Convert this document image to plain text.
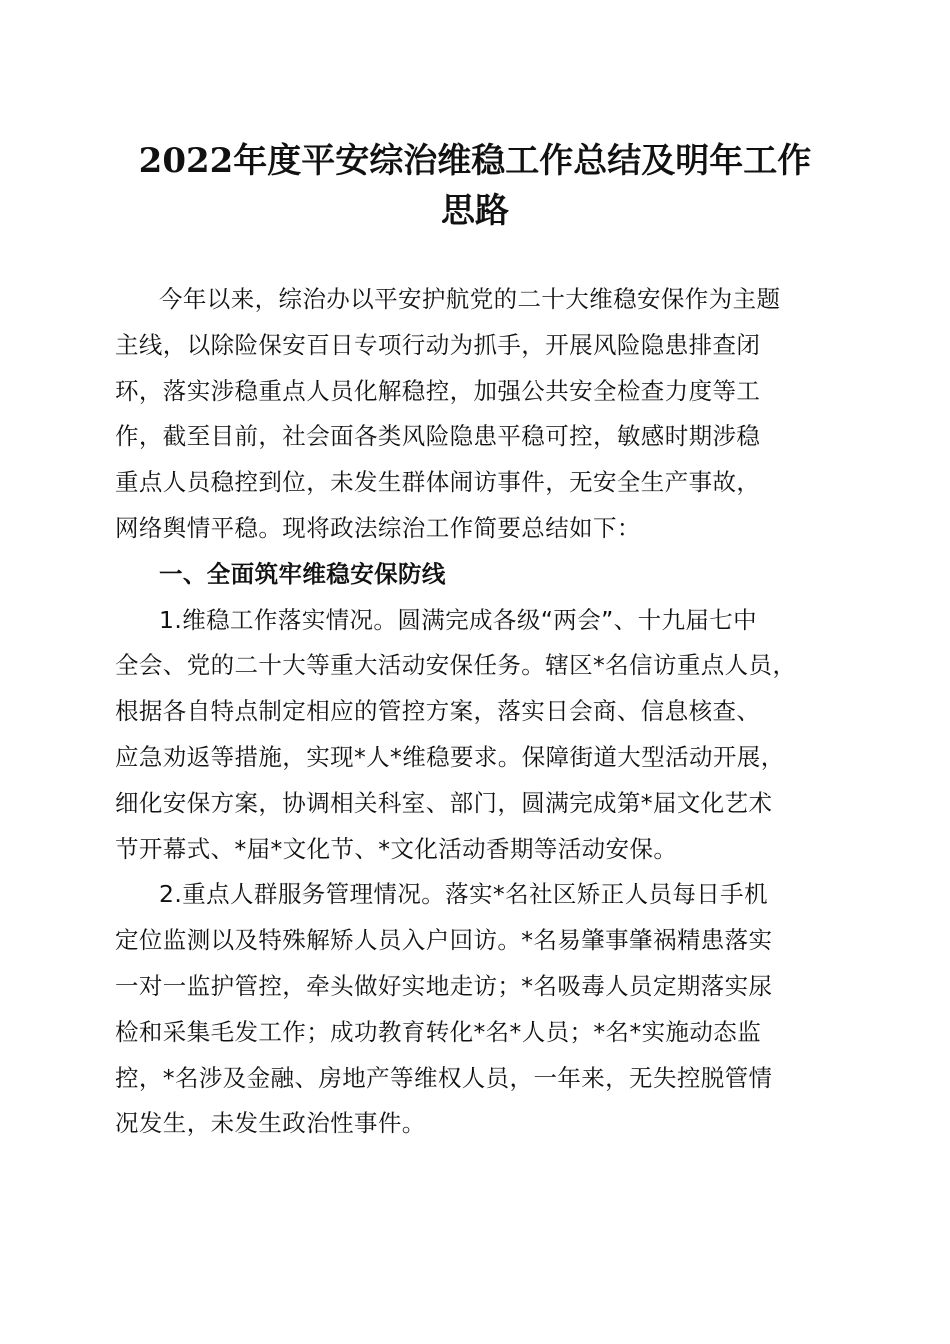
2022年度平安综治维稳工作总结及明年工作
思路
今年以来，综治办以平安护航党的二十大维稳安保作为主题
主线，以除险保安百日专项行动为抓手，开展风险隐患排查闭
环，落实涉稳重点人员化解稳控，加强公共安全检查力度等工
作，截至目前，社会面各类风险隐患平稳可控，敏感时期涉稳
重点人员稳控到位，未发生群体闹访事件，无安全生产事故，
网络舆情平稳。现将政法综治工作简要总结如下：
一、全面筑牢维稳安保防线
1.维稳工作落实情况。圆满完成各级“两会”、十九届七中
全会、党的二十大等重大活动安保任务。辖区*名信访重点人员，
根据各自特点制定相应的管控方案，落实日会商、信息核查、
应急劝返等措施，实现*人*维稳要求。保障街道大型活动开展，
细化安保方案，协调相关科室、部门，圆满完成第*届文化艺术
节开幕式、*届*文化节、*文化活动香期等活动安保。
2.重点人群服务管理情况。落实*名社区矫正人员每日手机
定位监测以及特殊解矫人员入户回访。*名易肇事肇祸精患落实
一对一监护管控，牵头做好实地走访；*名吸毒人员定期落实尿
检和采集毛发工作；成功教育转化*名*人员；*名*实施动态监
控，*名涉及金融、房地产等维权人员，一年来，无失控脱管情
况发生，未发生政治性事件。
